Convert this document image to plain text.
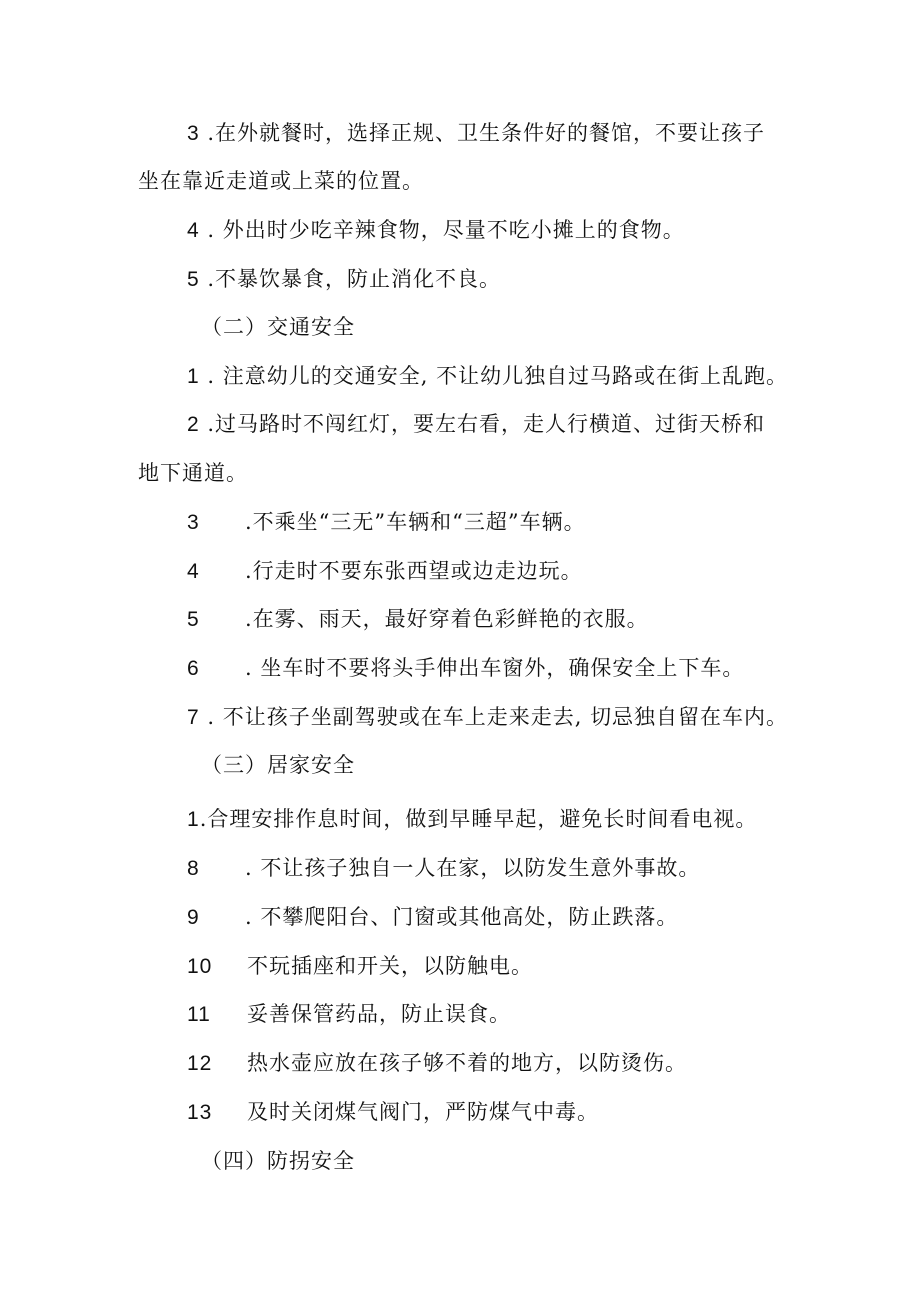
3 .在外就餐时，选择正规、卫生条件好的餐馆，不要让孩子
坐在靠近走道或上菜的位置。
4 . 外出时少吃辛辣食物，尽量不吃小摊上的食物。
5 .不暴饮暴食，防止消化不良。
（二）交通安全
1 . 注意幼儿的交通安全, 不让幼儿独自过马路或在街上乱跑。
2 .过马路时不闯红灯，要左右看，走人行横道、过街天桥和
地下通道。
3 .不乘坐“三无”车辆和“三超”车辆。
4 .行走时不要东张西望或边走边玩。
5 .在雾、雨天，最好穿着色彩鲜艳的衣服。
6 . 坐车时不要将头手伸出车窗外，确保安全上下车。
7 . 不让孩子坐副驾驶或在车上走来走去, 切忌独自留在车内。
（三）居家安全
1.合理安排作息时间，做到早睡早起，避免长时间看电视。
8 . 不让孩子独自一人在家，以防发生意外事故。
9 . 不攀爬阳台、门窗或其他高处，防止跌落。
10 不玩插座和开关，以防触电。
11 妥善保管药品，防止误食。
12 热水壶应放在孩子够不着的地方，以防烫伤。
13 及时关闭煤气阀门，严防煤气中毒。
（四）防拐安全
